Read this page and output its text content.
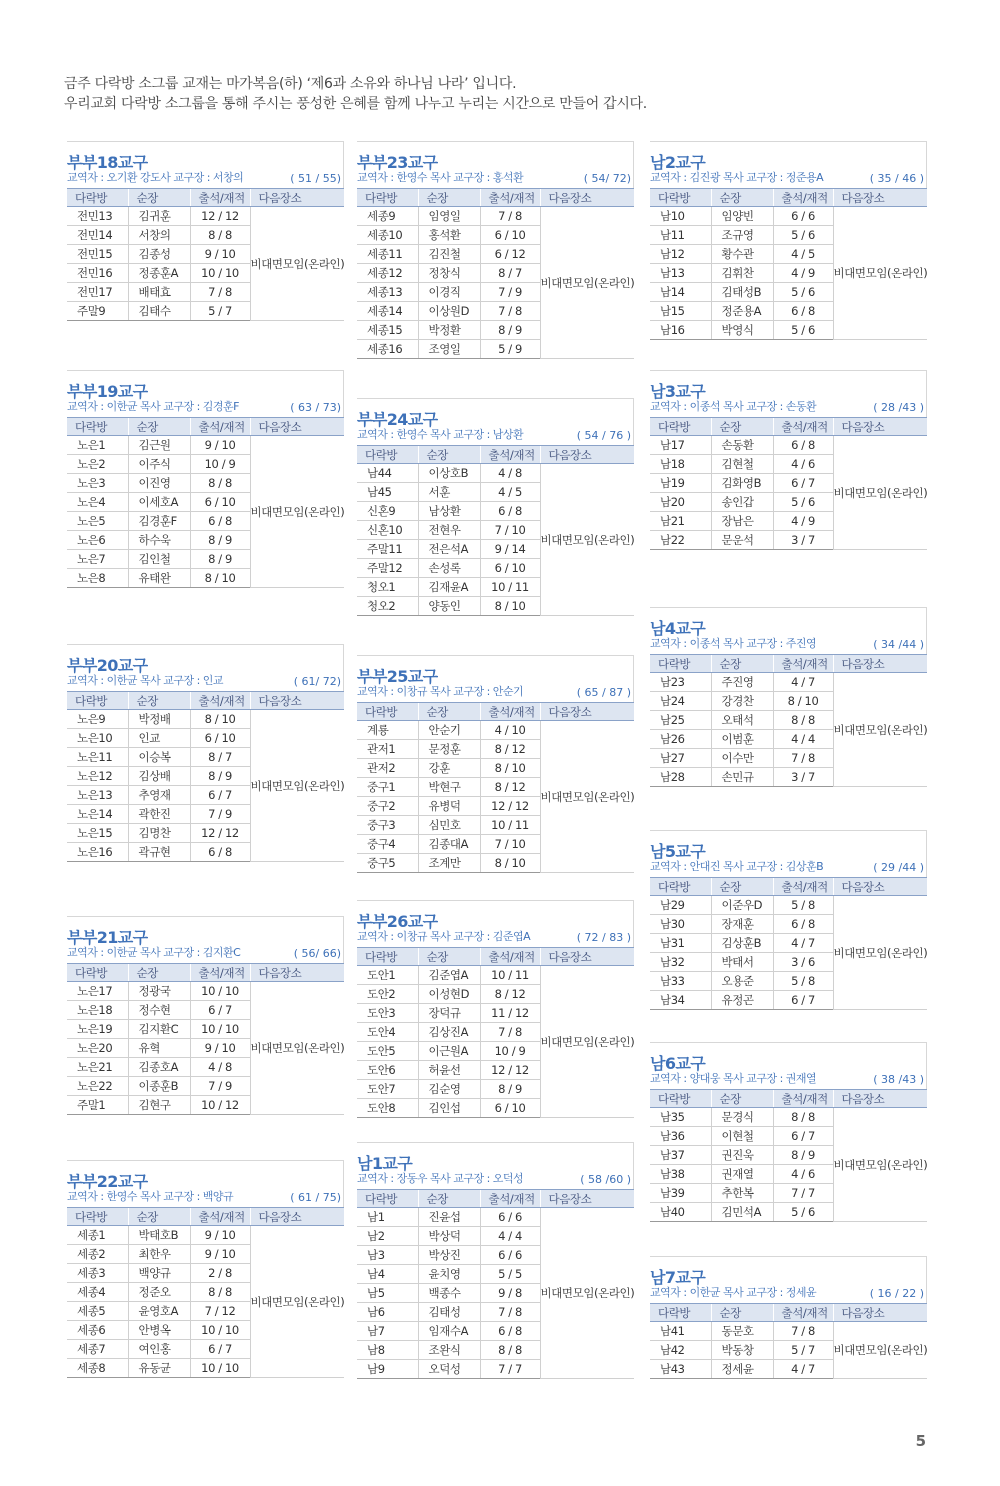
금주 다락방 소그룹 교재는 마가복음(하) ‘제6과 소유와 하나님 나라’ 입니다.
우리교회 다락방 소그룹을 통해 주시는 풍성한 은혜를 함께 나누고 누리는 시간으로 만들어 갑시다.
부부18교구
교역자 : 오기환 강도사 교구장 : 서창의	( 51 / 55)
다락방	순장	출석/재적	다음장소
전민13	김귀훈	12 / 12	비대면모임(온라인)
전민14	서창의	8 / 8	
전민15	김종성	9 / 10	
전민16	정종훈A	10 / 10	
전민17	배태효	7 / 8	
주말9	김태수	5 / 7	
부부19교구
교역자 : 이한균 목사 교구장 : 김경훈F	( 63 / 73)
다락방	순장	출석/재적	다음장소
노은1	김근원	9 / 10	비대면모임(온라인)
노은2	이주식	10 / 9	
노은3	이진영	8 / 8	
노은4	이세호A	6 / 10	
노은5	김경훈F	6 / 8	
노은6	하수욱	8 / 9	
노은7	김인철	8 / 9	
노은8	유태완	8 / 10	
부부20교구
교역자 : 이한균 목사 교구장 : 인교	( 61/ 72)
다락방	순장	출석/재적	다음장소
노은9	박정배	8 / 10	비대면모임(온라인)
노은10	인교	6 / 10	
노은11	이승복	8 / 7	
노은12	김상배	8 / 9	
노은13	추영재	6 / 7	
노은14	곽한진	7 / 9	
노은15	김명찬	12 / 12	
노은16	곽규현	6 / 8	
부부21교구
교역자 : 이한균 목사 교구장 : 김지환C	( 56/ 66)
다락방	순장	출석/재적	다음장소
노은17	정광국	10 / 10	비대면모임(온라인)
노은18	정수현	6 / 7	
노은19	김지환C	10 / 10	
노은20	유혁	9 / 10	
노은21	김종호A	4 / 8	
노은22	이종훈B	7 / 9	
주말1	김현구	10 / 12	
부부22교구
교역자 : 한영수 목사 교구장 : 백양규	( 61 / 75)
다락방	순장	출석/재적	다음장소
세종1	박태호B	9 / 10	비대면모임(온라인)
세종2	최한우	9 / 10	
세종3	백양규	2 / 8	
세종4	정준오	8 / 8	
세종5	윤영호A	7 / 12	
세종6	안병옥	10 / 10	
세종7	여인홍	6 / 7	
세종8	유동균	10 / 10	
부부23교구
교역자 : 한영수 목사 교구장 : 홍석환	( 54/ 72)
다락방	순장	출석/재적	다음장소
세종9	임영일	7 / 8	비대면모임(온라인)
세종10	홍석환	6 / 10	
세종11	김진철	6 / 12	
세종12	정창식	8 / 7	
세종13	이경직	7 / 9	
세종14	이상원D	7 / 8	
세종15	박정환	8 / 9	
세종16	조영일	5 / 9	
부부24교구
교역자 : 한영수 목사 교구장 : 남상환	( 54 / 76 )
다락방	순장	출석/재적	다음장소
남44	이상호B	4 / 8	비대면모임(온라인)
남45	서훈	4 / 5	
신혼9	남상환	6 / 8	
신혼10	전현우	7 / 10	
주말11	전은석A	9 / 14	
주말12	손성록	6 / 10	
청오1	김재윤A	10 / 11	
청오2	양동인	8 / 10	
부부25교구
교역자 : 이창규 목사 교구장 : 안순기	( 65 / 87 )
다락방	순장	출석/재적	다음장소
계룡	안순기	4 / 10	비대면모임(온라인)
관저1	문정훈	8 / 12	
관저2	강훈	8 / 10	
중구1	박현구	8 / 12	
중구2	유병덕	12 / 12	
중구3	심민호	10 / 11	
중구4	김종대A	7 / 10	
중구5	조계만	8 / 10	
부부26교구
교역자 : 이창규 목사 교구장 : 김준엽A	( 72 / 83 )
다락방	순장	출석/재적	다음장소
도안1	김준엽A	10 / 11	비대면모임(온라인)
도안2	이성현D	8 / 12	
도안3	장덕규	11 / 12	
도안4	김상진A	7 / 8	
도안5	이근원A	10 / 9	
도안6	허윤선	12 / 12	
도안7	김순영	8 / 9	
도안8	김인섭	6 / 10	
남1교구
교역자 : 장동우 목사 교구장 : 오덕성	( 58 /60 )
다락방	순장	출석/재적	다음장소
남1	진윤섭	6 / 6	비대면모임(온라인)
남2	박상덕	4 / 4	
남3	박상진	6 / 6	
남4	윤치영	5 / 5	
남5	백종수	9 / 8	
남6	김태성	7 / 8	
남7	임재수A	6 / 8	
남8	조완식	8 / 8	
남9	오덕성	7 / 7	
남2교구
교역자 : 김진광 목사 교구장 : 정준용A	( 35 / 46 )
다락방	순장	출석/재적	다음장소
남10	임양빈	6 / 6	비대면모임(온라인)
남11	조규영	5 / 6	
남12	황수관	4 / 5	
남13	김휘찬	4 / 9	
남14	김태성B	5 / 6	
남15	정준용A	6 / 8	
남16	박영식	5 / 6	
남3교구
교역자 : 이종석 목사 교구장 : 손동환	( 28 /43 )
다락방	순장	출석/재적	다음장소
남17	손동환	6 / 8	비대면모임(온라인)
남18	김현철	4 / 6	
남19	김화영B	6 / 7	
남20	송인갑	5 / 6	
남21	장남은	4 / 9	
남22	문운석	3 / 7	
남4교구
교역자 : 이종석 목사 교구장 : 주진영	( 34 /44 )
다락방	순장	출석/재적	다음장소
남23	주진영	4 / 7	비대면모임(온라인)
남24	강경찬	8 / 10	
남25	오태석	8 / 8	
남26	이범훈	4 / 4	
남27	이수만	7 / 8	
남28	손민규	3 / 7	
남5교구
교역자 : 안대진 목사 교구장 : 김상훈B	( 29 /44 )
다락방	순장	출석/재적	다음장소
남29	이준우D	5 / 8	비대면모임(온라인)
남30	장재훈	6 / 8	
남31	김상훈B	4 / 7	
남32	박태서	3 / 6	
남33	오용준	5 / 8	
남34	유정곤	6 / 7	
남6교구
교역자 : 양대웅 목사 교구장 : 권재열	( 38 /43 )
다락방	순장	출석/재적	다음장소
남35	문경식	8 / 8	비대면모임(온라인)
남36	이현철	6 / 7	
남37	권진욱	8 / 9	
남38	권재열	4 / 6	
남39	추한복	7 / 7	
남40	김민석A	5 / 6	
남7교구
교역자 : 이한균 목사 교구장 : 정세윤	( 16 / 22 )
다락방	순장	출석/재적	다음장소
남41	동문호	7 / 8	비대면모임(온라인)
남42	박동창	5 / 7	
남43	정세윤	4 / 7	
5
